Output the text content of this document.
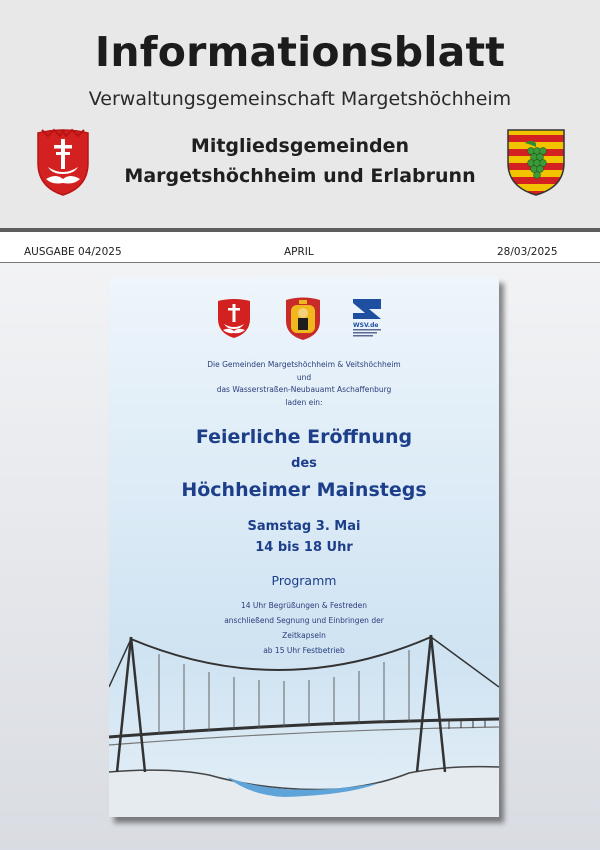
Informationsblatt
Verwaltungsgemeinschaft Margetshöchheim
Mitgliedsgemeinden
Margetshöchheim und Erlabrunn
AUSGABE 04/2025	APRIL	28/03/2025
WSV.de
Die Gemeinden Margetshöchheim & Veitshöchheim
und
das Wasserstraßen-Neubauamt Aschaffenburg
laden ein:
Feierliche Eröffnung
des
Höchheimer Mainstegs
Samstag 3. Mai
14 bis 18 Uhr
Programm
14 Uhr Begrüßungen & Festreden
anschließend Segnung und Einbringen der
Zeitkapseln
ab 15 Uhr Festbetrieb
